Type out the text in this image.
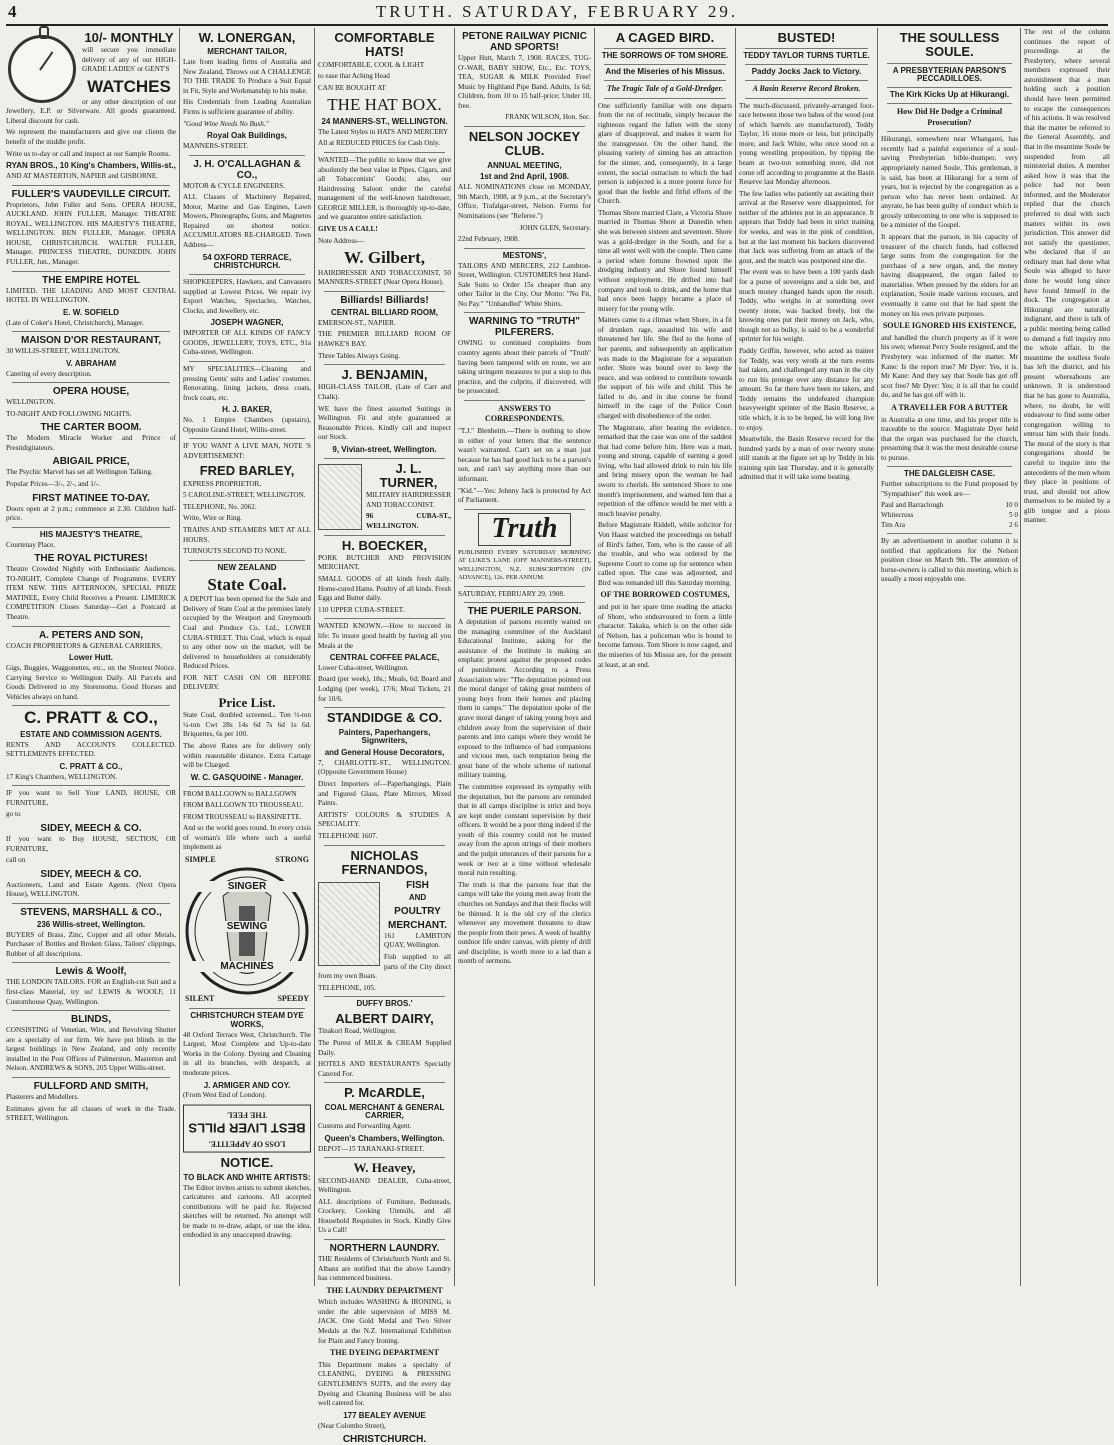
4	TRUTH. SATURDAY, FEBRUARY 29.
10/- MONTHLY

will secure you immediate delivery of any of our HIGH-GRADE LADIES' or GENT'S

WATCHES

or any other description of our Jewellery, E.P. or Silverware. All goods guaranteed. Liberal discount for cash.

We represent the manufacturers and give our clients the benefit of the middle profit.

Write us to-day or call and inspect at our Sample Rooms.

RYAN BROS., 10 King's Chambers, Willis-st.,

AND AT MASTERTON, NAPIER and GISBORNE.

FULLER'S VAUDEVILLE CIRCUIT.

Proprietors, John Fuller and Sons. OPERA HOUSE, AUCKLAND. JOHN FULLER, Manager. THEATRE ROYAL, WELLINGTON. HIS MAJESTY'S THEATRE, WELLINGTON. BEN FULLER, Manager. OPERA HOUSE, CHRISTCHURCH. WALTER FULLER, Manager. PRINCESS THEATRE, DUNEDIN. JOHN FULLER, Jun., Manager.

THE EMPIRE HOTEL

LIMITED. THE LEADING AND MOST CENTRAL HOTEL IN WELLINGTON.

E. W. SOFIELD

(Late of Coker's Hotel, Christchurch), Manager.

MAISON D'OR RESTAURANT,

30 WILLIS-STREET, WELLINGTON.

V. ABRAHAM

Catering of every description.

OPERA HOUSE,

WELLINGTON.

TO-NIGHT AND FOLLOWING NIGHTS.

THE CARTER BOOM.

The Modern Miracle Worker and Prince of Prestidigitateurs.

ABIGAIL PRICE,

The Psychic Marvel has set all Wellington Talking.

Popular Prices—3/-, 2/-, and 1/-.

FIRST MATINEE TO-DAY.

Doors open at 2 p.m.; commence at 2.30. Children half-price.

HIS MAJESTY'S THEATRE,

Courtenay Place,

THE ROYAL PICTURES!

Theatre Crowded Nightly with Enthusiastic Audiences. TO-NIGHT, Complete Change of Programme. EVERY ITEM NEW. THIS AFTERNOON, SPECIAL PRIZE MATINEE, Every Child Receives a Present. LIMERICK COMPETITION Closes Saturday—Get a Postcard at Theatre.

A. PETERS AND SON,

COACH PROPRIETORS & GENERAL CARRIERS,

Lower Hutt.

Gigs, Buggies, Waggonettes, etc., on the Shortest Notice. Carrying Service to Wellington Daily. All Parcels and Goods Delivered to my Storerooms. Good Horses and Vehicles always on hand.

C. PRATT & CO.,
ESTATE AND COMMISSION AGENTS.

RENTS AND ACCOUNTS COLLECTED. SETTLEMENTS EFFECTED.

C. PRATT & CO.,

17 King's Chambers, WELLINGTON.

IF you want to Sell Your LAND, HOUSE, OR FURNITURE,

go to

SIDEY, MEECH & CO.

If you want to Buy HOUSE, SECTION, OR FURNITURE,

call on

SIDEY, MEECH & CO.

Auctioneers, Land and Estate Agents. (Next Opera House), WELLINGTON.

STEVENS, MARSHALL & CO.,
236 Willis-street, Wellington.

BUYERS of Brass, Zinc, Copper and all other Metals, Purchaser of Bottles and Broken Glass, Tailors' clippings, Rubber of all descriptions.

Lewis & Woolf,

THE LONDON TAILORS. FOR an English-cut Suit and a first-class Material, try us! LEWIS & WOOLF, 11 Customhouse Quay, Wellington.

BLINDS,

CONSISTING of Venetian, Wire, and Revolving Shutter are a specialty of our firm. We have put blinds in the largest buildings in New Zealand, and only recently installed in the Post Offices of Palmerston, Masterton and Nelson. ANDREWS & SONS, 205 Upper Willis-street.

FULLFORD AND SMITH,

Plasterers and Modellers.

Estimates given for all classes of work in the Trade. STREET, Wellington.

W. LONERGAN,
MERCHANT TAILOR,

Late from leading firms of Australia and New Zealand, Throws out A CHALLENGE TO THE TRADE To Produce a Suit Equal in Fit, Style and Workmanship to his make.

His Credentials from Leading Australian Firms is sufficient guarantee of ability.

"Good Wine Needs No Bush."

Royal Oak Buildings,

MANNERS-STREET.

J. H. O'CALLAGHAN & CO.,

MOTOR & CYCLE ENGINEERS.

ALL Classes of Machinery Repaired, Motor, Marine and Gas Engines, Lawn Mowers, Phonographs, Guns, and Magnetos Repaired on shortest notice. ACCUMULATORS RE-CHARGED. Town Address—

54 OXFORD TERRACE, CHRISTCHURCH.

SHOPKEEPERS, Hawkers, and Canvassers supplied at Lowest Prices. We repair ivy Export Watches, Spectacles, Watches, Clocks, and Jewellery, etc.

JOSEPH WAGNER,

IMPORTER OF ALL KINDS OF FANCY GOODS, JEWELLERY, TOYS, ETC., 91a Cuba-street, Wellington.

MY SPECIALITIES—Cleaning and pressing Gents' suits and Ladies' costumes. Renovating, lining jackets, dress coats, frock coats, etc.

H. J. BAKER,

No. 1 Empire Chambers (upstairs), Opposite Grand Hotel, Willis-street.

IF YOU WANT A LIVE MAN, NOTE 'S ADVERTISEMENT:

FRED BARLEY,

EXPRESS PROPRIETOR,

5 CAROLINE-STREET, WELLINGTON.

TELEPHONE, No. 2062.

Write, Wire or Ring.

TRAINS AND STEAMERS MET AT ALL HOURS.

TURNOUTS SECOND TO NONE.

NEW ZEALAND
State Coal.

A DEPOT has been opened for the Sale and Delivery of State Coal at the premises lately occupied by the Westport and Greymouth Coal and Produce Co. Ltd., LOWER CUBA-STREET. This Coal, which is equal to any other now on the market, will be delivered to householders at considerably Reduced Prices.

FOR NET CASH ON OR BEFORE DELIVERY.

Price List.

State Coal, doubled screened... Ton ½-ton ¼-ton Cwt 28s 14s 6d 7s 6d 1s 6d. Briquettes, 6s per 100.

The above Rates are for delivery only within reasonable distance. Extra Cartage will be Charged.

W. C. GASQUOINE - Manager.

FROM BALLGOWN to BALLGOWN

FROM BALLGOWN TO TROUSSEAU.

FROM TROUSSEAU to BASSINETTE.

And so the world goes round. In every crisis of woman's life where such a useful implement as

SIMPLE	STRONG
SINGER
SEWING
MACHINES
SILENT	SPEEDY
CHRISTCHURCH STEAM DYE WORKS,

48 Oxford Terrace West, Christchurch. The Largest, Most Complete and Up-to-date Works in the Colony. Dyeing and Cleaning in all its branches, with despatch, at moderate prices.

J. ARMIGER AND COY.

(From West End of London).

LOSS OF APPETITE.
BEST LIVER PILLS
THE FEEL
NOTICE.
TO BLACK AND WHITE ARTISTS:

The Editor invites artists to submit sketches, caricatures and cartoons. All accepted contributions will be paid for. Rejected sketches will be returned. No attempt will be made to re-draw, adapt, or use the idea, embodied in any unaccepted drawing.

COMFORTABLE HATS!

COMFORTABLE, COOL & LIGHT

to ease that Aching Head

CAN BE BOUGHT AT

THE HAT BOX.
24 MANNERS-ST., WELLINGTON.

The Latest Styles in HATS AND MERCERY

All at REDUCED PRICES for Cash Only.

WANTED—The public to know that we give absolutely the best value in Pipes, Cigars, and all Tobacconists' Goods; also, our Hairdressing Saloon under the careful management of the well-known hairdresser, GEORGE MILLER, is thoroughly up-to-date, and we guarantee entire satisfaction.

GIVE US A CALL!

Note Address—

W. Gilbert,

HAIRDRESSER AND TOBACCONIST, 50 MANNERS-STREET (Near Opera House).

Billiards! Billiards!
CENTRAL BILLIARD ROOM,

EMERSON-ST., NAPIER.

THE PREMIER BILLIARD ROOM OF HAWKE'S BAY.

Three Tables Always Going.

J. BENJAMIN,

HIGH-CLASS TAILOR, (Late of Carr and Chalk).

WE have the finest assorted Suitings in Wellington. Fit and style guaranteed at Reasonable Prices. Kindly call and inspect our Stock.

9, Vivian-street, Wellington.
J. L. TURNER,

MILITARY HAIRDRESSER AND TOBACCONIST.

96 CUBA-ST., WELLINGTON.

H. BOECKER,

PORK BUTCHER AND PROVISION MERCHANT,

SMALL GOODS of all kinds fresh daily. Home-cured Hams. Poultry of all kinds. Fresh Eggs and Butter daily.

110 UPPER CUBA-STREET.

WANTED KNOWN.—How to succeed in life: To insure good health by having all you Meals at the

CENTRAL COFFEE PALACE,

Lower Cuba-street, Wellington.

Board (per week), 18s.; Meals, 6d; Board and Lodging (per week), 17/6; Meal Tickets, 21 for 10/6.

STANDIDGE & CO.
Painters, Paperhangers, Signwriters,
and General House Decorators,

7, CHARLOTTE-ST., WELLINGTON. (Opposite Government House)

Direct Importers of—Paperhangings, Plain and Figured Glass, Plate Mirrors, Mixed Paints.

ARTISTS' COLOURS & STUDIES A SPECIALITY.

TELEPHONE 1607.

NICHOLAS FERNANDOS,
FISH
AND
POULTRY
MERCHANT.

161 LAMBTON QUAY, Wellington.

Fish supplied to all parts of the City direct from my own Boats.

TELEPHONE, 105.

DUFFY BROS.'
ALBERT DAIRY,

Tinakori Road, Wellington.

The Purest of MILK & CREAM Supplied Daily.

HOTELS AND RESTAURANTS Specially Catered For.

P. McARDLE,
COAL MERCHANT & GENERAL CARRIER,

Customs and Forwarding Agent.

Queen's Chambers, Wellington.

DEPOT—15 TARANAKI-STREET.

W. Heavey,

SECOND-HAND DEALER, Cuba-street, Wellington.

ALL descriptions of Furniture, Bedsteads, Crockery, Cooking Utensils, and all Household Requisites in Stock. Kindly Give Us a Call!

NORTHERN LAUNDRY.

THE Residents of Christchurch North and St. Albans are notified that the above Laundry has commenced business.

THE LAUNDRY DEPARTMENT

Which includes WASHING & IRONING, is under the able supervision of MISS M. JACK. One Gold Medal and Two Silver Medals at the N.Z. International Exhibition for Plain and Fancy Ironing.

THE DYEING DEPARTMENT

This Department makes a specialty of CLEANING, DYEING & PRESSING GENTLEMEN'S SUITS, and the every day Dyeing and Cleaning Business will be also well catered for.

177 BEALEY AVENUE

(Near Colombo Street),

CHRISTCHURCH.
PETONE RAILWAY PICNIC AND SPORTS!

Upper Hutt, March 7, 1908. RACES, TUG-O'-WAR, BABY SHOW, Etc., Etc. TOYS, TEA, SUGAR & MILK Provided Free! Music by Highland Pipe Band. Adults, 1s 6d; Children, from 10 to 15 half-price; Under 10, free.

FRANK WILSON, Hon. Sec.

NELSON JOCKEY CLUB.
ANNUAL MEETING,
1st and 2nd April, 1908.

ALL NOMINATIONS close on MONDAY, 9th March, 1908, at 9 p.m., at the Secretary's Office, Trafalgar-street, Nelson. Forms for Nominations (see "Referee.")

JOHN GLEN, Secretary.

22nd February, 1908.

MESTONS',

TAILORS AND MERCERS, 212 Lambton-Street, Wellington. CUSTOMERS best Hand-Sale Suits to Order 15s cheaper than any other Tailor in the City. Our Motto: "No Fit, No Pay." "Unhandled" White Shirts.

WARNING TO "TRUTH" PILFERERS.

OWING to continued complaints from country agents about their parcels of "Truth" having been tampered with en route, we are taking stringent measures to put a stop to this practice, and the culprits, if discovered, will be prosecuted.

ANSWERS TO CORRESPONDENTS.

"T.J." Blenheim.—There is nothing to show in either of your letters that the sentence wasn't warranted. Can't set on a man just because he has had good luck to be a parson's son, and can't say anything more than our informant.

"Kid."—Yes: Johnny Jack is protected by Act of Parliament.

Truth

PUBLISHED EVERY SATURDAY MORNING AT LUKE'S LANE (OFF MANNERS-STREET), WELLINGTON, N.Z. SUBSCRIPTION (IN ADVANCE), 12s. PER ANNUM.

SATURDAY, FEBRUARY 29, 1908.

THE PUERILE PARSON.

A deputation of parsons recently waited on the managing committee of the Auckland Educational Institute, asking for the assistance of the Institute in making an emphatic protest against the proposed codes of punishment. According to a Press Association wire: "The deputation pointed out the moral danger of taking great numbers of young boys from their homes and placing them in camps." The deputation spoke of the grave moral danger of taking young boys and children away from the supervision of their parents and into camps where they would be exposed to the influence of bad companions and vicious men, such temptation being the great bane of the whole scheme of national military training.

The committee expressed its sympathy with the deputation, but the parsons are reminded that in all camps discipline is strict and boys are kept under constant supervision by their officers. It would be a poor thing indeed if the youth of this country could not be trusted away from the apron strings of their mothers and the pulpit utterances of their parsons for a week or two at a time without wholesale moral ruin resulting.

The truth is that the parsons fear that the camps will take the young men away from the churches on Sundays and that their flocks will be thinned. It is the old cry of the clerics whenever any movement threatens to draw the people from their pews. A week of healthy outdoor life under canvas, with plenty of drill and discipline, is worth more to a lad than a month of sermons.

A CAGED BIRD.
THE SORROWS OF TOM SHORE.
And the Miseries of his Missus.
The Tragic Tale of a Gold-Dredger.

One sufficiently familiar with one departs from the rut of rectitude, simply because the righteous regard the fallen with the stony glare of disapproval, and makes it warm for the transgressor. On the other hand, the pleasing variety of sinning has an attraction for the sinner, and, consequently, in a large extent, the social ostracism to which the bad person is subjected is a more potent force for good than the feeble and fitful efforts of the Church.

Thomas Shore married Clare, a Victoria Shore married in Thomas Shore at Dunedin when she was between sixteen and seventeen. Shore was a gold-dredger in the South, and for a time all went well with the couple. Then came a period when fortune frowned upon the dredging industry and Shore found himself without employment. He drifted into bad company and took to drink, and the home that had once been happy became a place of misery for the young wife.

Matters came to a climax when Shore, in a fit of drunken rage, assaulted his wife and threatened her life. She fled to the home of her parents, and subsequently an application was made to the Magistrate for a separation order. Shore was bound over to keep the peace, and was ordered to contribute towards the support of his wife and child. This he failed to do, and in due course he found himself in the cage of the Police Court charged with disobedience of the order.

The Magistrate, after hearing the evidence, remarked that the case was one of the saddest that had come before him. Here was a man, young and strong, capable of earning a good living, who had allowed drink to ruin his life and bring misery upon the woman he had sworn to cherish. He sentenced Shore to one month's imprisonment, and warned him that a repetition of the offence would be met with a much heavier penalty.

Before Magistrate Riddell, while solicitor for Von Haast watched the proceedings on behalf of Bird's father, Tom, who is the cause of all the trouble, and who was ordered by the Supreme Court to come up for sentence when called upon. The case was adjourned, and Bird was remanded till this Saturday morning.

OF THE BORROWED COSTUMES,

and put in her spare time reading the attacks of Shore, who endeavoured to form a little character. Takaka, which is on the other side of Nelson, has a policeman who is bound to become famous. Tom Shore is now caged, and the miseries of his Missus are, for the present at least, at an end.

BUSTED!
TEDDY TAYLOR TURNS TURTLE.
Paddy Jocks Jack to Victory.
A Basin Reserve Record Broken.

The much-discussed, privately-arranged foot-race between those two babes of the wood (out of which barrels are manufactured), Teddy Taylor, 16 stone more or less, but principally more, and Jack White, who once stood on a young wrestling proposition, by tipping the beam at two-ton something more, did not come off according to programme at the Basin Reserve last Monday afternoon.

The few ladies who patiently sat awaiting their arrival at the Reserve were disappointed, for neither of the athletes put in an appearance. It appears that Teddy had been in strict training for weeks, and was in the pink of condition, but at the last moment his backers discovered that Jack was suffering from an attack of the gout, and the match was postponed sine die.

The event was to have been a 100 yards dash for a purse of sovereigns and a side bet, and much money changed hands upon the result. Teddy, who weighs in at something over twenty stone, was backed freely, but the knowing ones put their money on Jack, who, though not so bulky, is said to be a wonderful sprinter for his weight.

Paddy Griffin, however, who acted as trainer for Teddy, was very wroth at the turn events had taken, and challenged any man in the city to run his protege over any distance for any amount. So far there have been no takers, and Teddy remains the undefeated champion heavyweight sprinter of the Basin Reserve, a title which, it is to be hoped, he will long live to enjoy.

Meanwhile, the Basin Reserve record for the hundred yards by a man of over twenty stone still stands at the figure set up by Teddy in his training spin last Thursday, and it is generally admitted that it will take some beating.

THE SOULLESS SOULE.
A PRESBYTERIAN PARSON'S PECCADILLOES.
The Kirk Kicks Up at Hikurangi.
How Did He Dodge a Criminal Prosecution?

Hikurangi, somewhere near Whangarei, has recently had a painful experience of a soul-saving Presbyterian bible-thumper, very appropriately named Soule. This gentleman, it is said, has been at Hikurangi for a term of years, but is rejected by the congregation as a person who has never been ordained. At anyrate, he has been guilty of conduct which is grossly unbecoming to one who is supposed to be a minister of the Gospel.

It appears that the parson, in his capacity of treasurer of the church funds, had collected large sums from the congregation for the purchase of a new organ, and, the money having disappeared, the organ failed to materialise. When pressed by the elders for an explanation, Soule made various excuses, and eventually it came out that he had spent the money on his own private purposes.

SOULE IGNORED HIS EXISTENCE,

and handled the church property as if it were his own; whereat Percy Soule resigned, and the Presbytery was informed of the matter. Mr Kane: Is the report true? Mr Dyer: Yes, it is. Mr Kane: And they say that Soule has got off scot free? Mr Dyer: Yes; it is all that he could do, and he has got off with it.

A TRAVELLER FOR A BUTTER

in Australia at one time, and his proper title is traceable to the source. Magistrate Dyer held that the organ was purchased for the church, presuming that it was the most desirable course to pursue.

THE DALGLEISH CASE.

Further subscriptions to the Fund proposed by "Sympathiser" this week are—

Paul and Barraclough	10 0
Whitecross	5 0
Tim Ara	2 6

By an advertisement in another column it is notified that applications for the Nelson position close on March 9th. The attention of horse-owners is called to this meeting, which is usually a most enjoyable one.

The rest of the column continues the report of proceedings at the Presbytery, where several members expressed their astonishment that a man holding such a position should have been permitted to escape the consequences of his actions. It was resolved that the matter be referred to the General Assembly, and that in the meantime Soule be suspended from all ministerial duties. A member asked how it was that the police had not been informed, and the Moderator replied that the church preferred to deal with such matters within its own jurisdiction. This answer did not satisfy the questioner, who declared that if an ordinary man had done what Soule was alleged to have done he would long since have found himself in the dock. The congregation at Hikurangi are naturally indignant, and there is talk of a public meeting being called to demand a full inquiry into the whole affair. In the meantime the soulless Soule has left the district, and his present whereabouts are unknown. It is understood that he has gone to Australia, where, no doubt, he will endeavour to find some other congregation willing to entrust him with their funds. The moral of the story is that congregations should be careful to inquire into the antecedents of the men whom they place in positions of trust, and should not allow themselves to be misled by a glib tongue and a pious manner.
